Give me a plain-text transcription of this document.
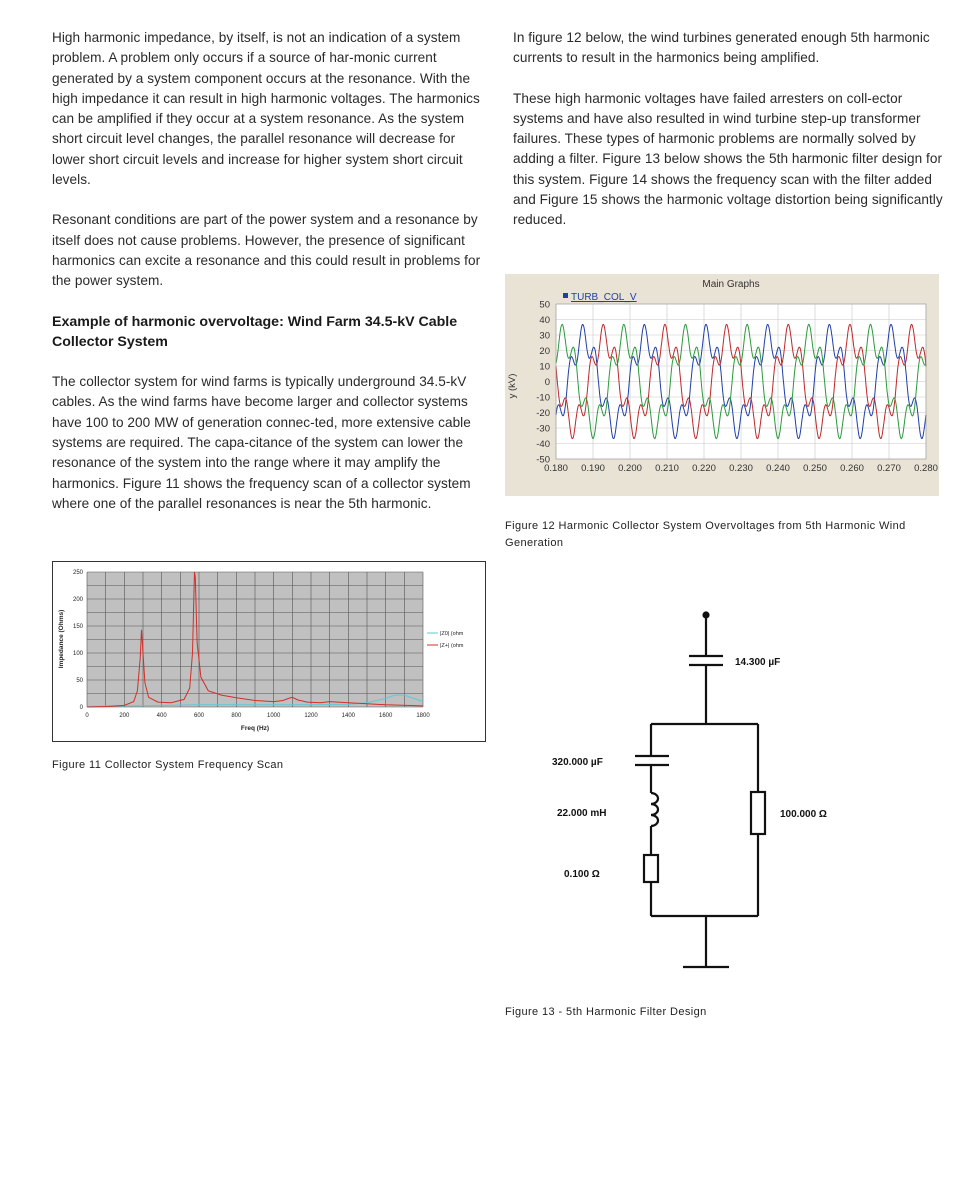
High harmonic impedance, by itself, is not an indication of a system problem. A problem only occurs if a source of har-monic current generated by a system component occurs at the resonance. With the high impedance it can result in high harmonic voltages. The harmonics can be amplified if they occur at a system resonance. As the system short circuit level changes, the parallel resonance will decrease for lower short circuit levels and increase for higher system short circuit levels.

Resonant conditions are part of the power system and a resonance by itself does not cause problems. However, the presence of significant harmonics can excite a resonance and this could result in problems for the power system.

Example of harmonic overvoltage: Wind Farm 34.5-kV Cable Collector System

The collector system for wind farms is typically underground 34.5-kV cables. As the wind farms have become larger and collector systems have 100 to 200 MW of generation connec-ted, more extensive cable systems are required. The capa-citance of the system can lower the resonance of the system into the range where it may amplify the harmonics. Figure 11 shows the frequency scan of a collector system where one of the parallel resonances is near the 5th harmonic.

In figure 12 below, the wind turbines generated enough 5th harmonic currents to result in the harmonics being amplified.

These high harmonic voltages have failed arresters on coll-ector systems and have also resulted in wind turbine step-up transformer failures. These types of harmonic problems are normally solved by adding a filter. Figure 13 below shows the 5th harmonic filter design for this system. Figure 14 shows the frequency scan with the filter added and Figure 15 shows the harmonic voltage distortion being significantly reduced.

0	200	400	600	800	1000	1200	1400	1600	1800
0
50
100
150
200
250
Impedance (Ohms)
Freq (Hz)
|Z0| (ohm
|Z+| (ohm
Figure 11 Collector System Frequency Scan
0.180 0.190 0.200 0.210 0.220 0.230 0.240 0.250 0.260 0.270 0.280
50
40
30
20
10
0
-10
-20
-30
-40
-50
Main Graphs
TURB_COL_V
y (kV)
Figure 12 Harmonic Collector System Overvoltages from 5th Harmonic Wind Generation
14.300 µF
320.000 µF
22.000 mH
0.100 Ω
100.000 Ω
Figure 13 - 5th Harmonic Filter Design
